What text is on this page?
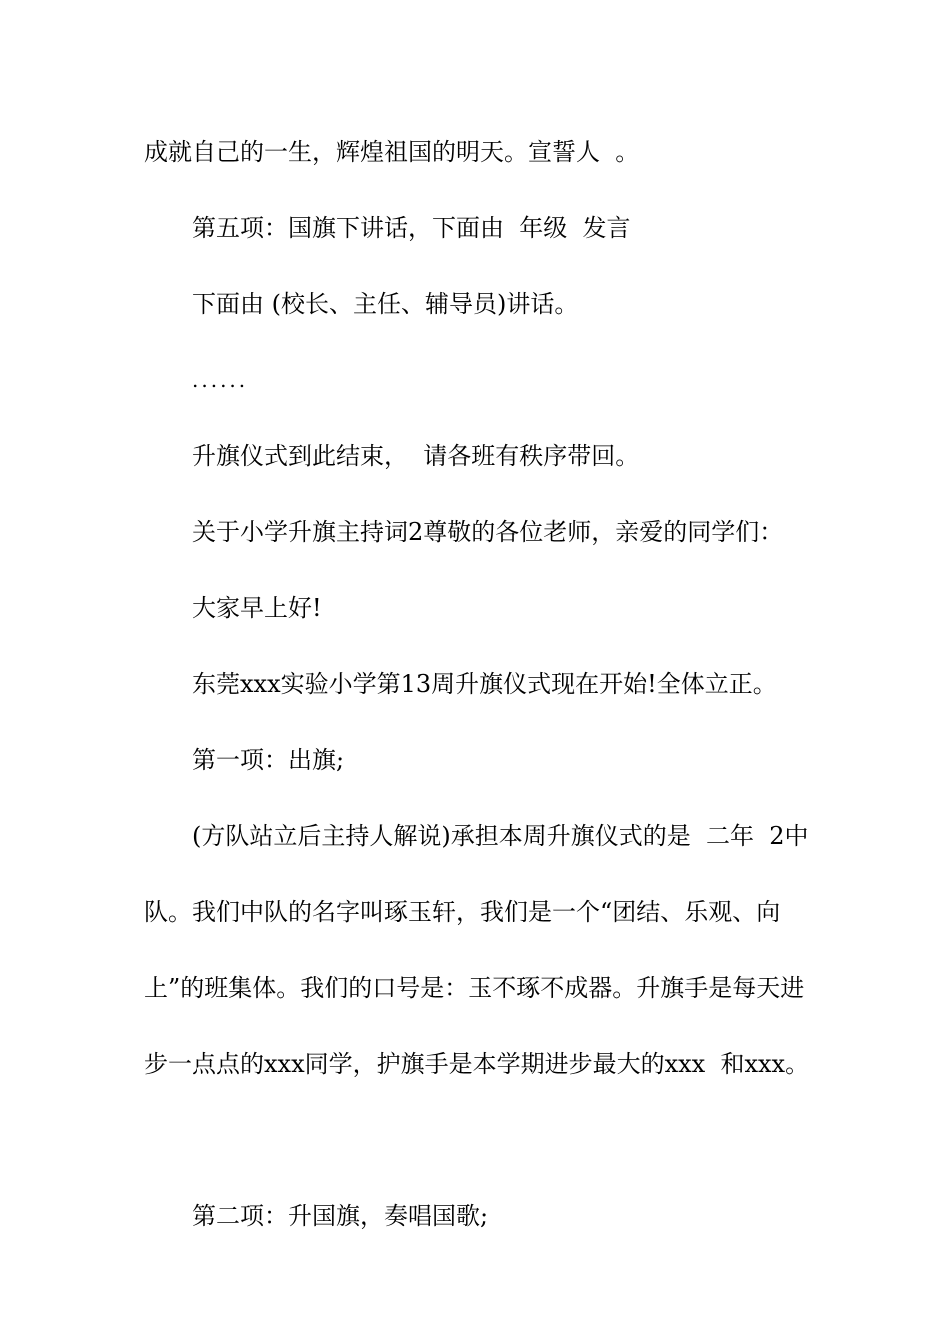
成就自己的一生，辉煌祖国的明天。宣誓人  。

第五项：国旗下讲话，下面由  年级  发言

下面由 (校长、主任、辅导员)讲话。

......

升旗仪式到此结束，  请各班有秩序带回。

关于小学升旗主持词2尊敬的各位老师，亲爱的同学们：

大家早上好!

东莞xxx实验小学第13周升旗仪式现在开始!全体立正。

第一项：出旗;

(方队站立后主持人解说)承担本周升旗仪式的是  二年  2中队。我们中队的名字叫琢玉轩，我们是一个“团结、乐观、向上”的班集体。我们的口号是：玉不琢不成器。升旗手是每天进步一点点的xxx同学，护旗手是本学期进步最大的xxx  和xxx。

第二项：升国旗，奏唱国歌;
